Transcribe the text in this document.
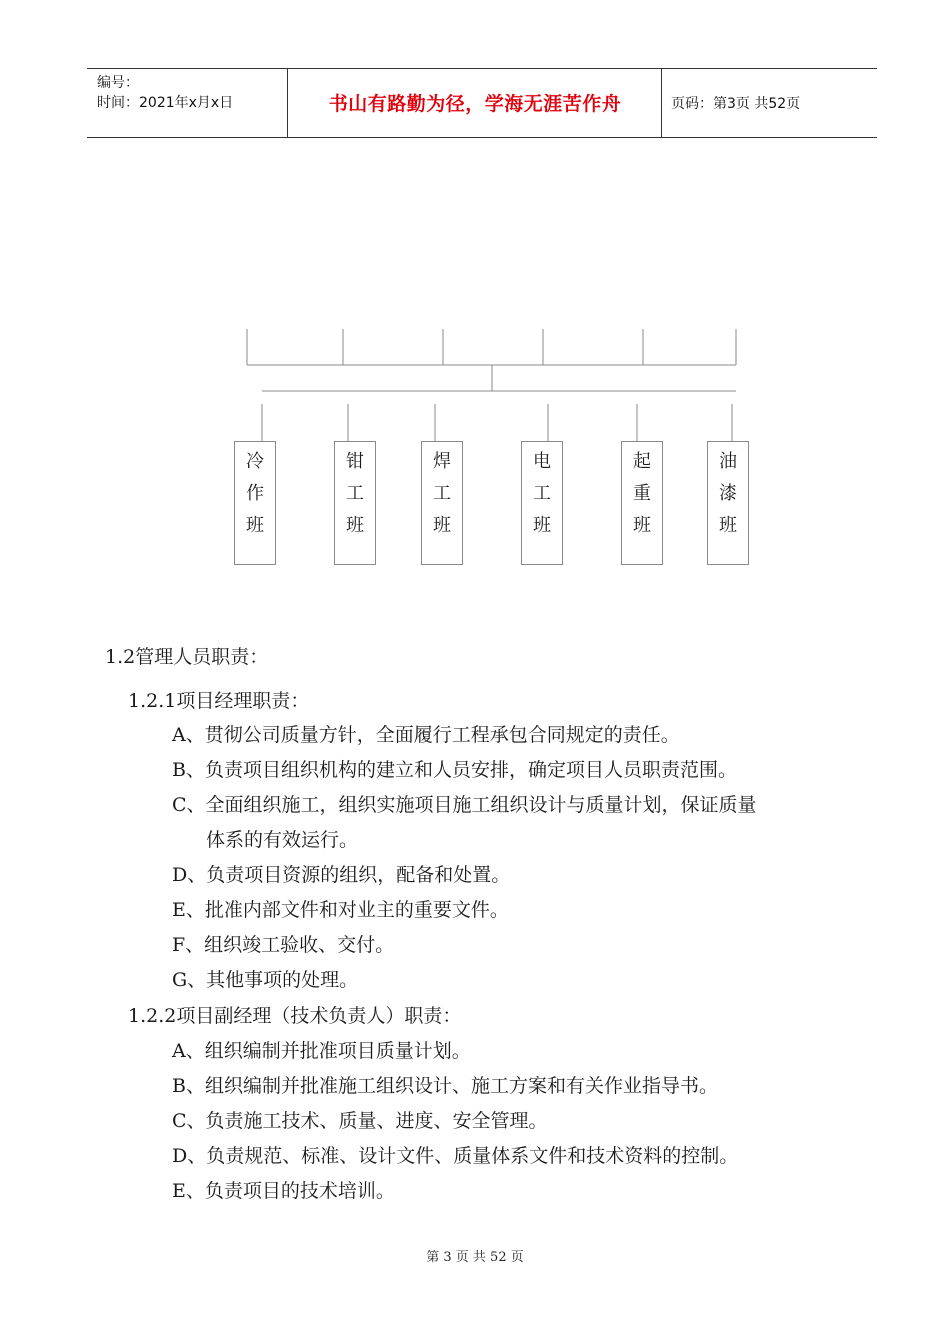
编号：
时间：2021年x月x日	书山有路勤为径，学海无涯苦作舟	页码：第3页 共52页
冷
作
班
钳
工
班
焊
工
班
电
工
班
起
重
班
油
漆
班
1.2管理人员职责：
1.2.1项目经理职责：
A、贯彻公司质量方针，全面履行工程承包合同规定的责任。
B、负责项目组织机构的建立和人员安排，确定项目人员职责范围。
C、全面组织施工，组织实施项目施工组织设计与质量计划，保证质量
体系的有效运行。
D、负责项目资源的组织，配备和处置。
E、批准内部文件和对业主的重要文件。
F、组织竣工验收、交付。
G、其他事项的处理。
1.2.2项目副经理（技术负责人）职责：
A、组织编制并批准项目质量计划。
B、组织编制并批准施工组织设计、施工方案和有关作业指导书。
C、负责施工技术、质量、进度、安全管理。
D、负责规范、标准、设计文件、质量体系文件和技术资料的控制。
E、负责项目的技术培训。
第 3 页 共 52 页
